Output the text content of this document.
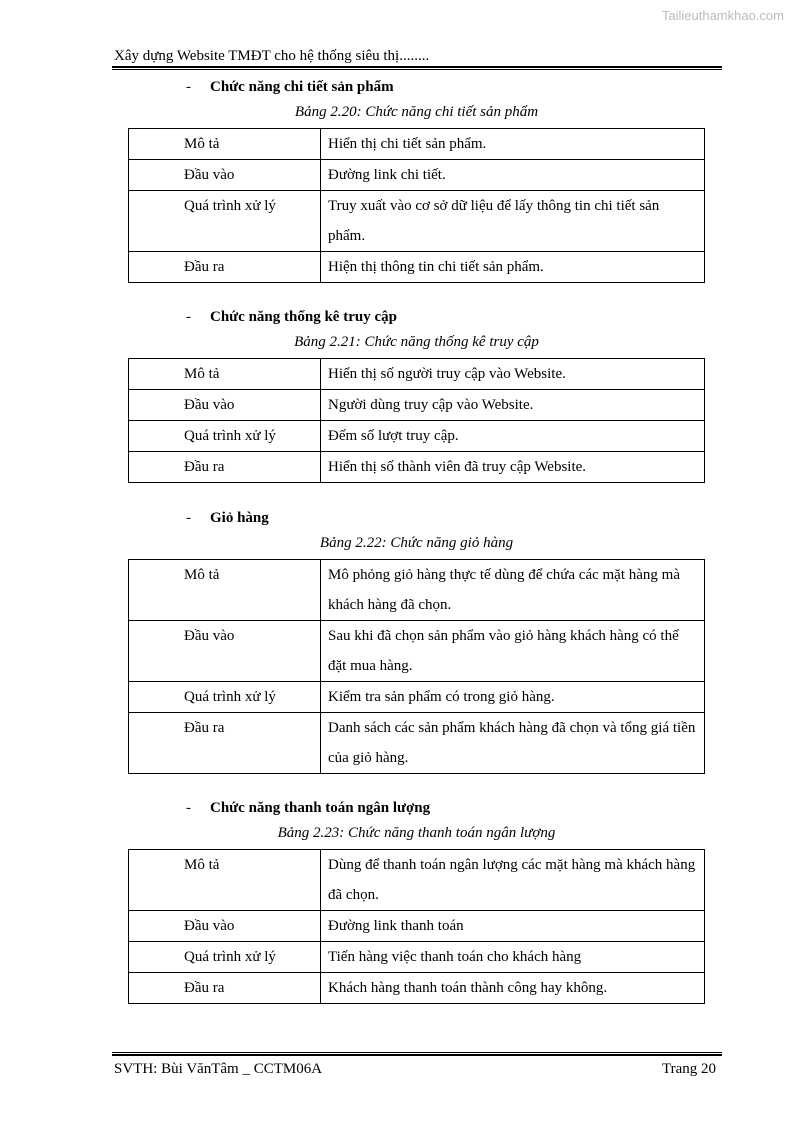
Tailieuthamkhao.com
Xây dựng Website TMĐT cho hệ thống siêu thị........
- Chức năng chi tiết sản phẩm
Bảng 2.20: Chức năng chi tiết sản phẩm
Mô tả	Hiển thị chi tiết sản phẩm.
Đầu vào	Đường link chi tiết.
Quá trình xử lý	Truy xuất vào cơ sở dữ liệu để lấy thông tin chi tiết sản phẩm.
Đầu ra	Hiện thị thông tin chi tiết sản phẩm.
- Chức năng thống kê truy cập
Bảng 2.21: Chức năng thống kê truy cập
Mô tả	Hiển thị số người truy cập vào Website.
Đầu vào	Người dùng truy cập vào Website.
Quá trình xử lý	Đếm số lượt truy cập.
Đầu ra	Hiển thị số thành viên đã truy cập Website.
- Giỏ hàng
Bảng 2.22: Chức năng giỏ hàng
Mô tả	Mô phỏng giỏ hàng thực tế dùng để chứa các mặt hàng mà khách hàng đã chọn.
Đầu vào	Sau khi đã chọn sản phẩm vào giỏ hàng khách hàng có thể đặt mua hàng.
Quá trình xử lý	Kiểm tra sản phẩm có trong giỏ hàng.
Đầu ra	Danh sách các sản phẩm khách hàng đã chọn và tổng giá tiền của giỏ hàng.
- Chức năng thanh toán ngân lượng
Bảng 2.23: Chức năng thanh toán ngân lượng
Mô tả	Dùng để thanh toán ngân lượng các mặt hàng mà khách hàng đã chọn.
Đầu vào	Đường link thanh toán
Quá trình xử lý	Tiến hàng việc thanh toán cho khách hàng
Đầu ra	Khách hàng thanh toán thành công hay không.
SVTH: Bùi VănTâm _ CCTM06A	Trang 20
